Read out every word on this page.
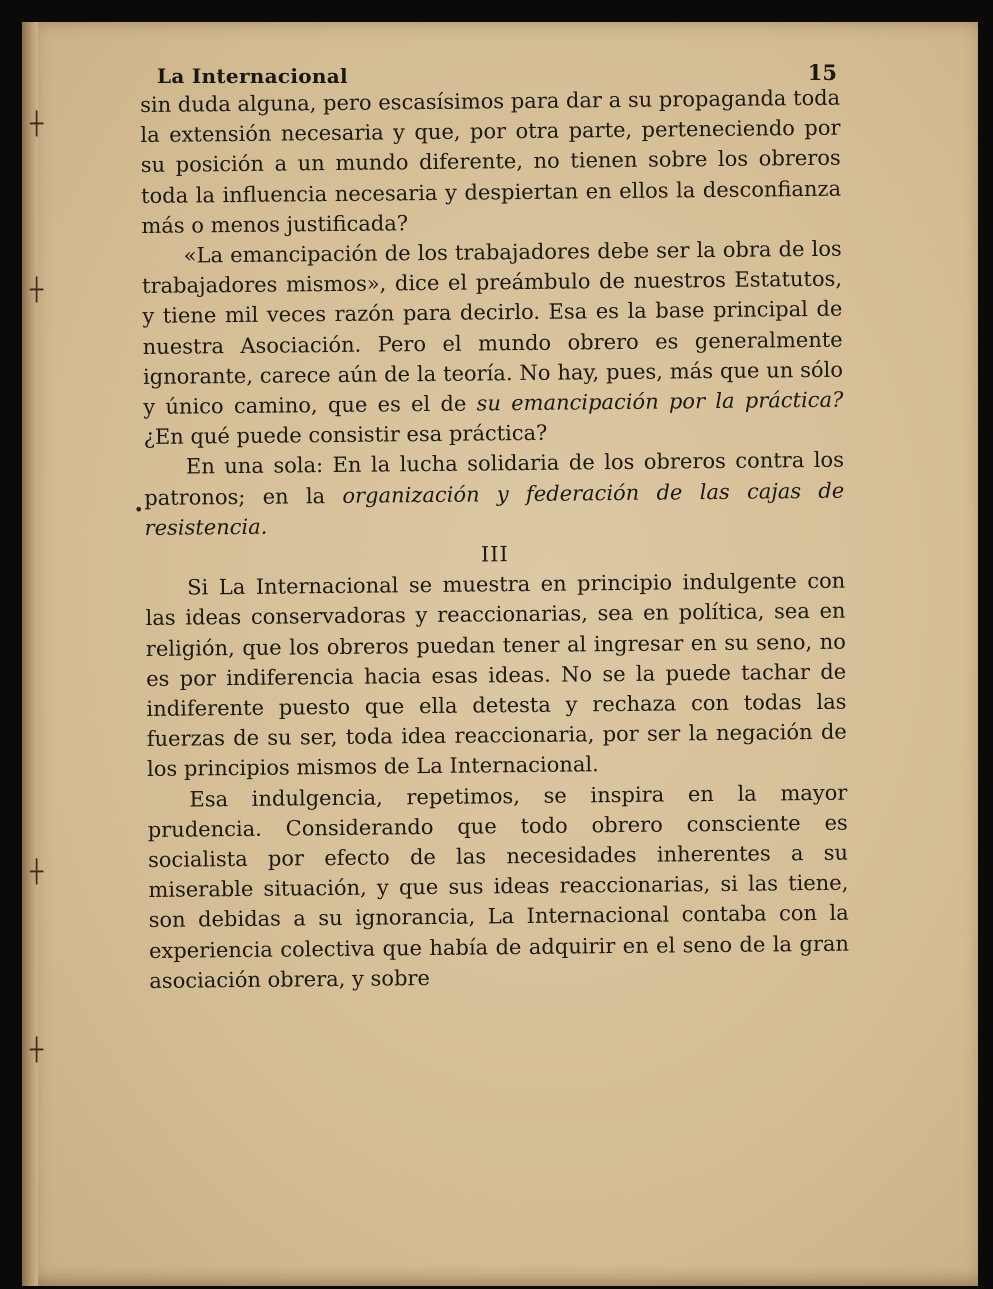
┼
┼
┼
┼
•
La Internacional	15

sin duda alguna, pero escasísimos para dar a su propaganda toda la extensión necesaria y que, por otra parte, perteneciendo por su posición a un mundo diferente, no tienen sobre los obreros toda la influencia necesaria y despiertan en ellos la desconfianza más o menos justificada?

«La emancipación de los trabajadores debe ser la obra de los trabajadores mismos», dice el preámbulo de nuestros Estatutos, y tiene mil veces razón para decirlo. Esa es la base principal de nuestra Asociación. Pero el mundo obrero es generalmente ignorante, carece aún de la teoría. No hay, pues, más que un sólo y único camino, que es el de su emancipación por la práctica? ¿En qué puede consistir esa práctica?

En una sola: En la lucha solidaria de los obreros contra los patronos; en la organización y federación de las cajas de resistencia.

III

Si La Internacional se muestra en principio indulgente con las ideas conservadoras y reaccionarias, sea en política, sea en religión, que los obreros puedan tener al ingresar en su seno, no es por indiferencia hacia esas ideas. No se la puede tachar de indiferente puesto que ella detesta y rechaza con todas las fuerzas de su ser, toda idea reaccionaria, por ser la negación de los principios mismos de La Internacional.

Esa indulgencia, repetimos, se inspira en la mayor prudencia. Considerando que todo obrero consciente es socialista por efecto de las necesidades inherentes a su miserable situación, y que sus ideas reaccionarias, si las tiene, son debidas a su ignorancia, La Internacional contaba con la experiencia colectiva que había de adquirir en el seno de la gran asociación obrera, y sobre
